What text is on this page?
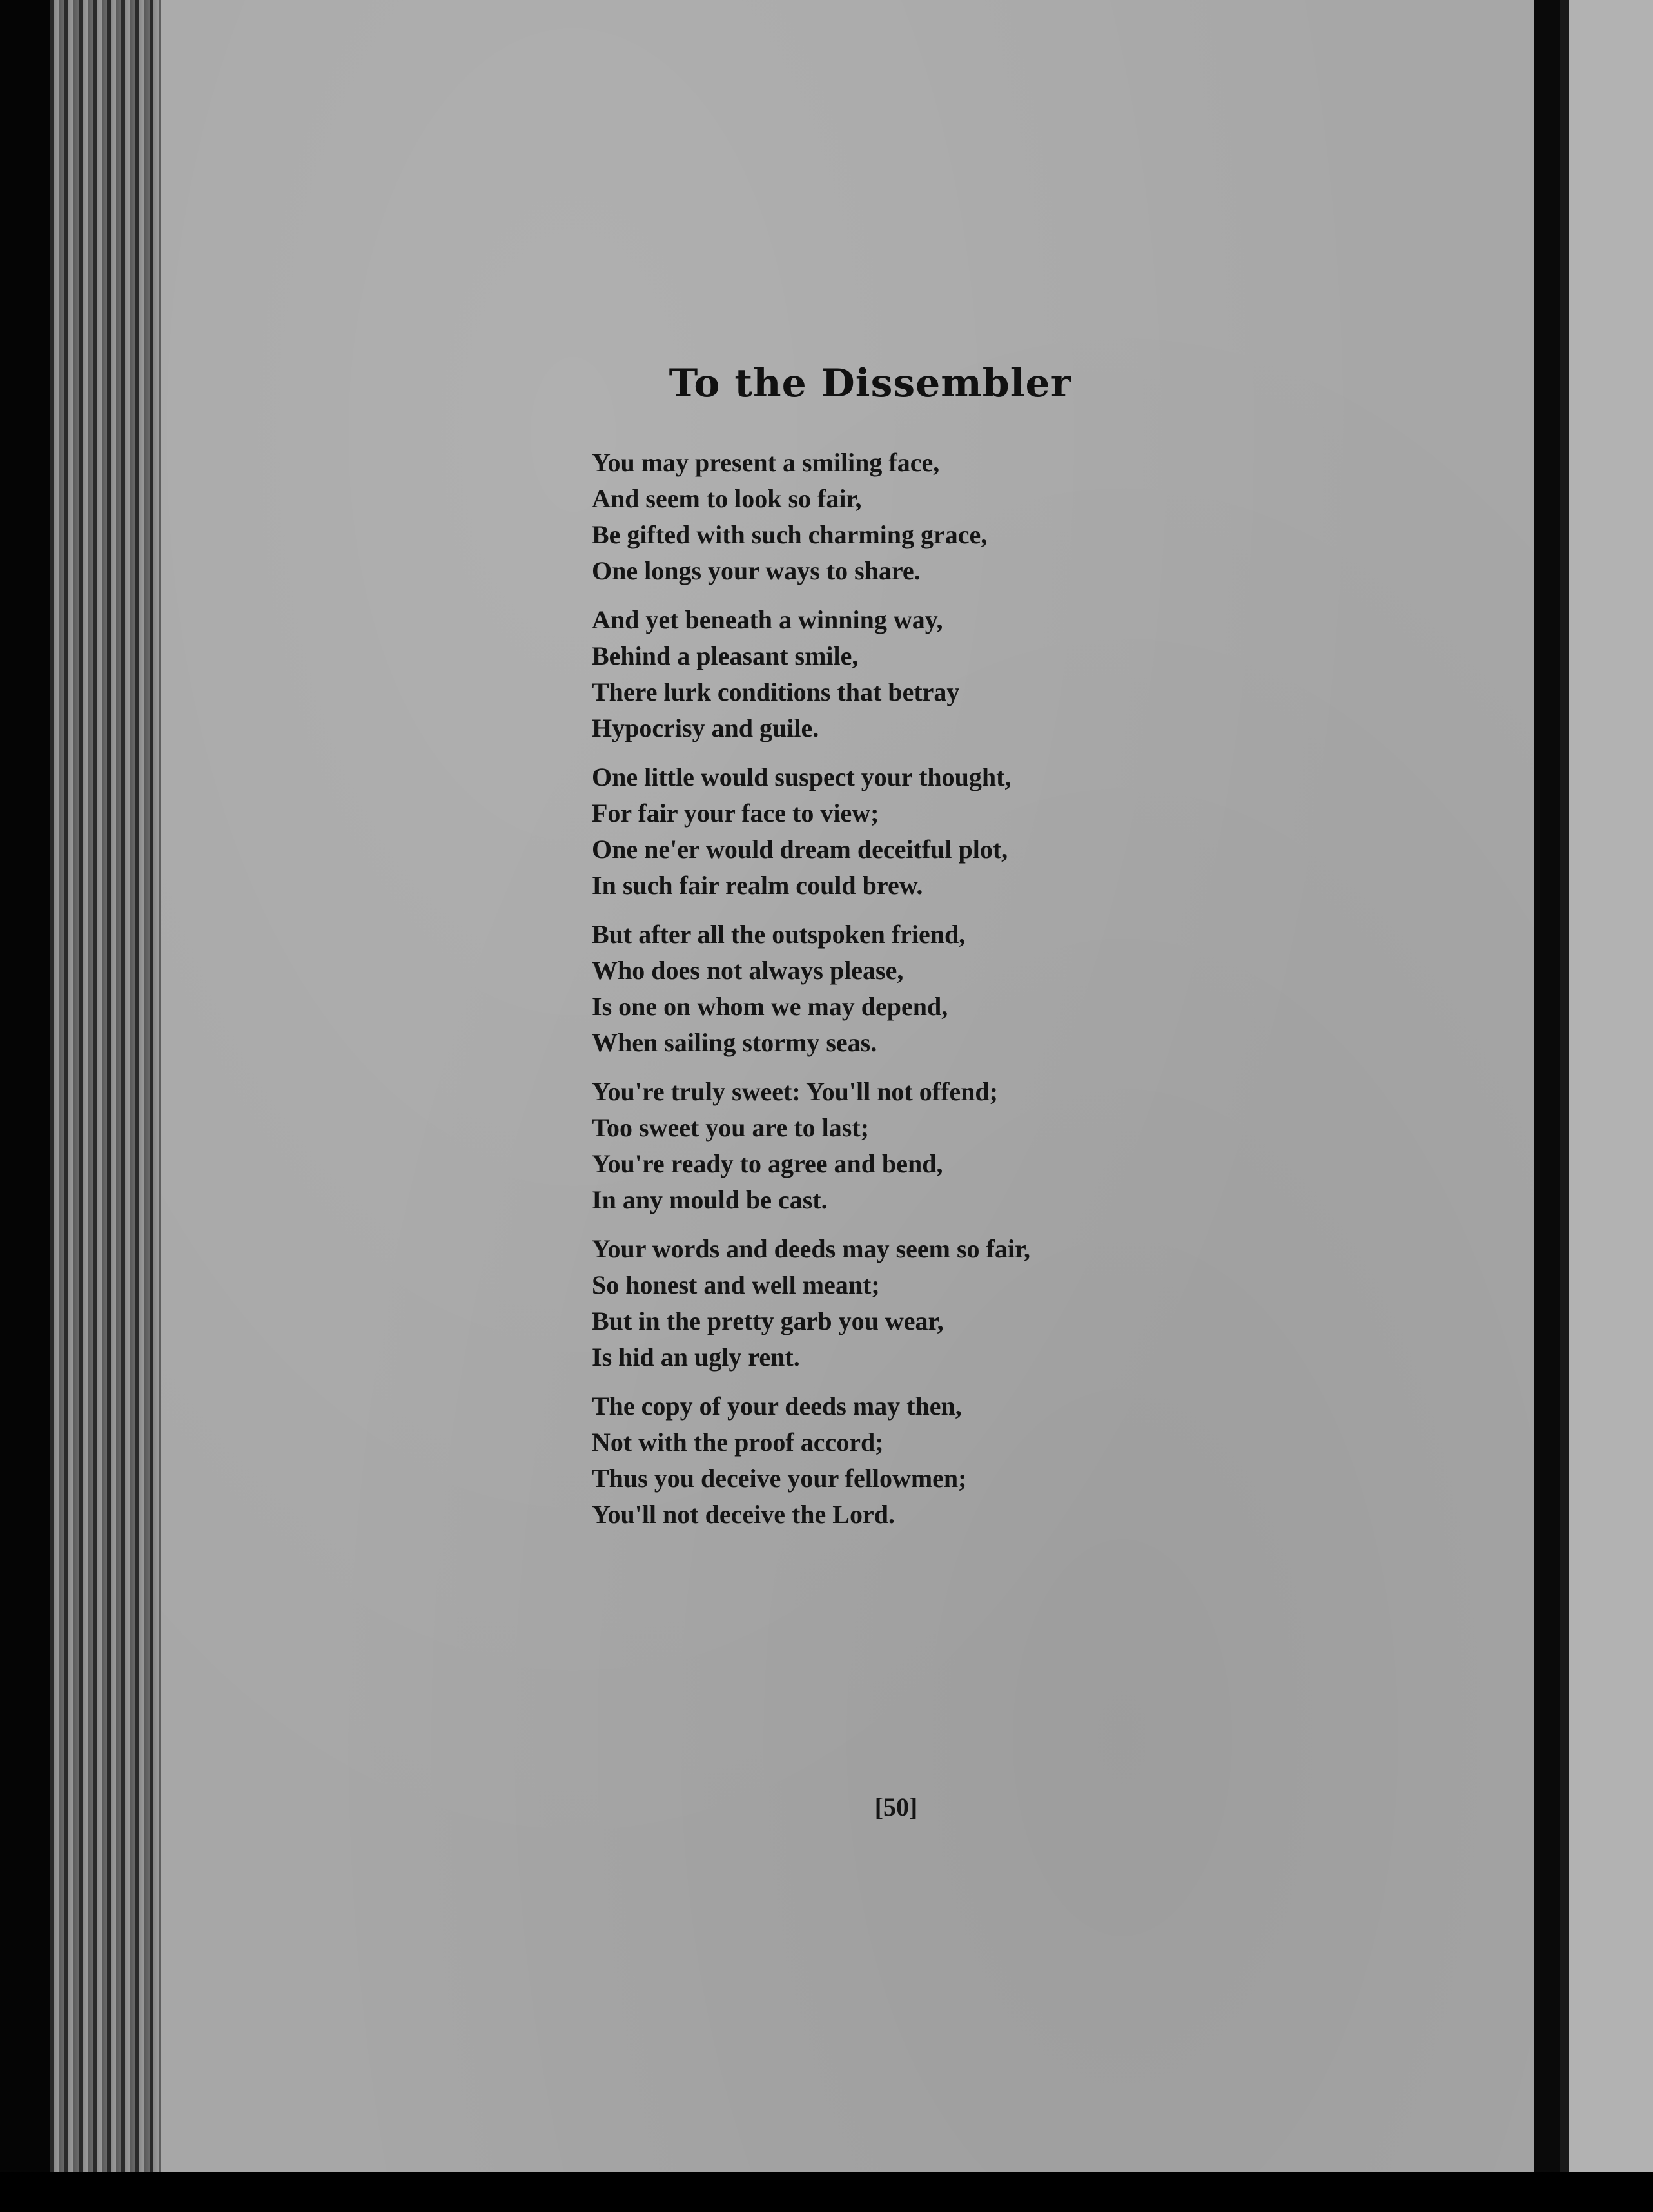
To the Dissembler
You may present a smiling face,
And seem to look so fair,
Be gifted with such charming grace,
One longs your ways to share.
And yet beneath a winning way,
Behind a pleasant smile,
There lurk conditions that betray
Hypocrisy and guile.
One little would suspect your thought,
For fair your face to view;
One ne'er would dream deceitful plot,
In such fair realm could brew.
But after all the outspoken friend,
Who does not always please,
Is one on whom we may depend,
When sailing stormy seas.
You're truly sweet: You'll not offend;
Too sweet you are to last;
You're ready to agree and bend,
In any mould be cast.
Your words and deeds may seem so fair,
So honest and well meant;
But in the pretty garb you wear,
Is hid an ugly rent.
The copy of your deeds may then,
Not with the proof accord;
Thus you deceive your fellowmen;
You'll not deceive the Lord.
[50]
